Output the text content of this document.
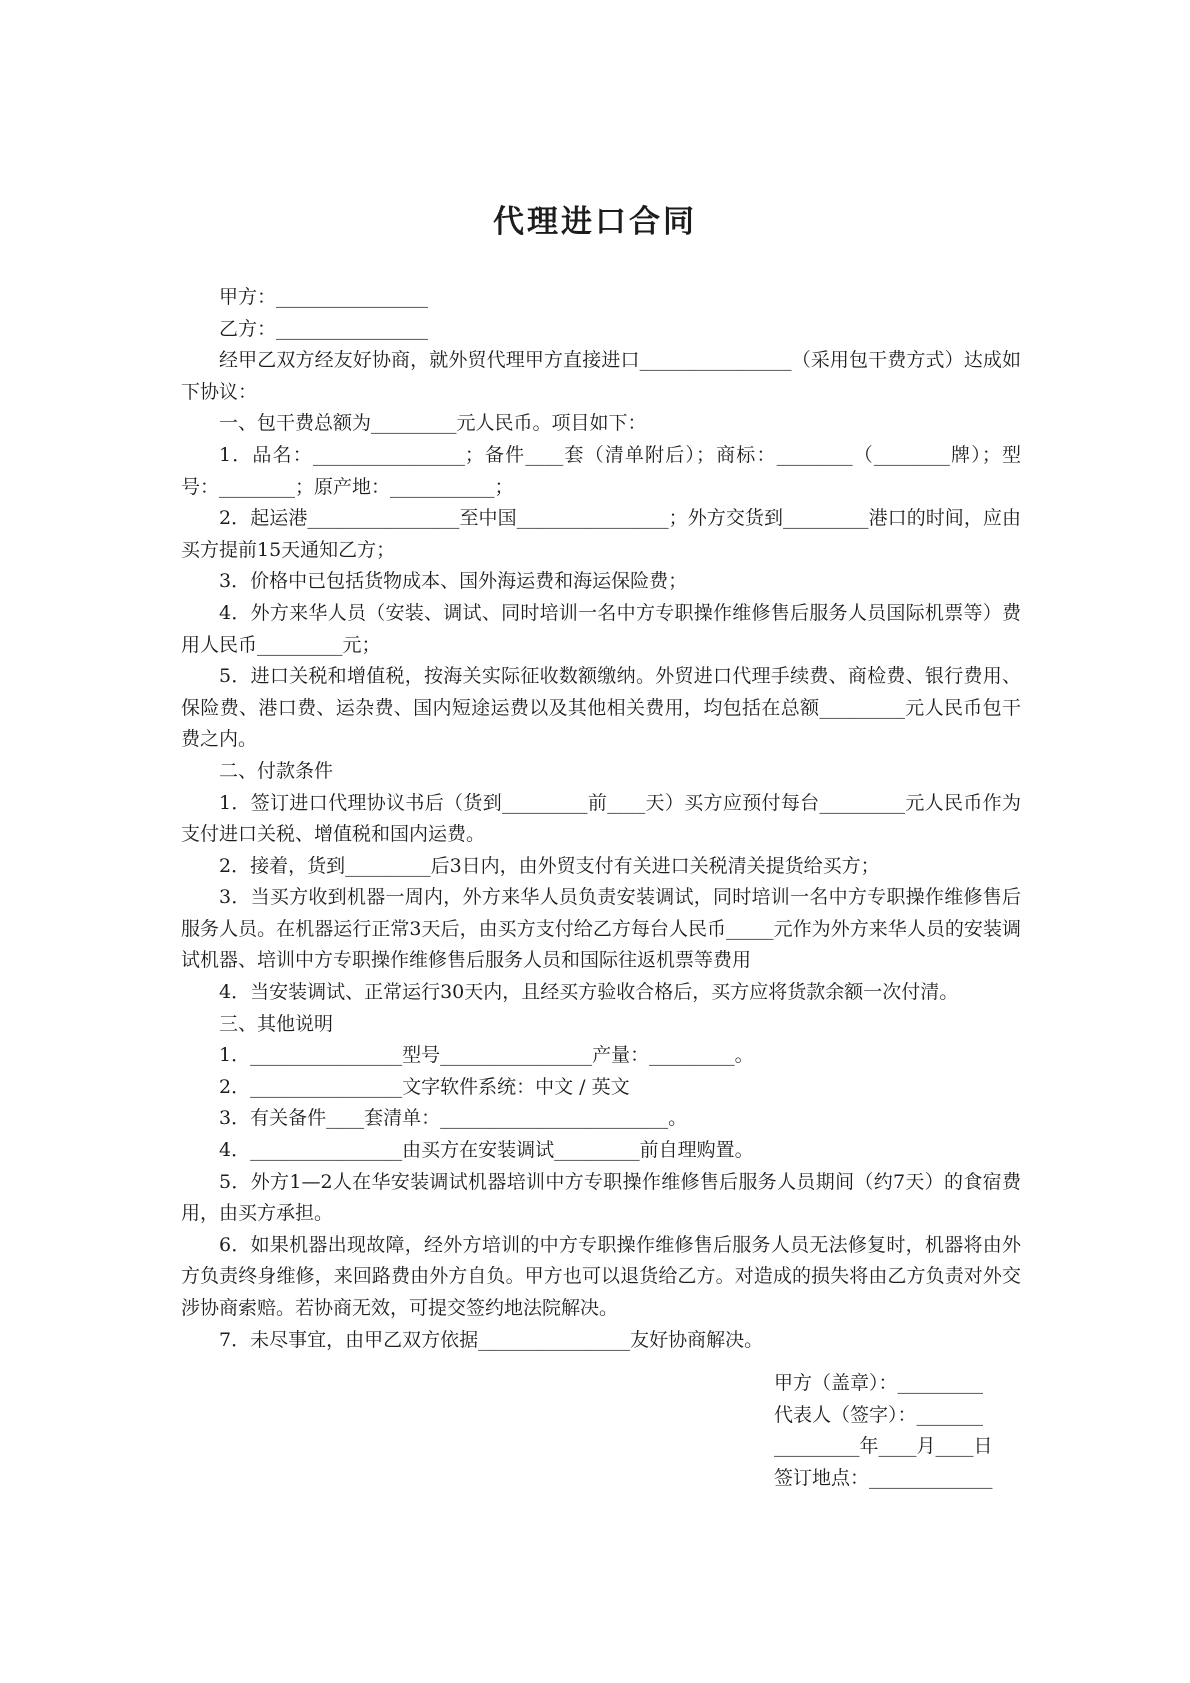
代理进口合同

甲方：________________

乙方：________________

经甲乙双方经友好协商，就外贸代理甲方直接进口________________（采用包干费方式）达成如下协议：

一、包干费总额为_________元人民币。项目如下：

1．品名：________________；备件____套（清单附后）；商标：________（________牌）；型号：________；原产地：___________；

2．起运港________________至中国________________；外方交货到_________港口的时间，应由买方提前15天通知乙方；

3．价格中已包括货物成本、国外海运费和海运保险费；

4．外方来华人员（安装、调试、同时培训一名中方专职操作维修售后服务人员国际机票等）费用人民币_________元；

5．进口关税和增值税，按海关实际征收数额缴纳。外贸进口代理手续费、商检费、银行费用、保险费、港口费、运杂费、国内短途运费以及其他相关费用，均包括在总额_________元人民币包干费之内。

二、付款条件

1．签订进口代理协议书后（货到_________前____天）买方应预付每台_________元人民币作为支付进口关税、增值税和国内运费。

2．接着，货到_________后3日内，由外贸支付有关进口关税清关提货给买方；

3．当买方收到机器一周内，外方来华人员负责安装调试，同时培训一名中方专职操作维修售后服务人员。在机器运行正常3天后，由买方支付给乙方每台人民币_____元作为外方来华人员的安装调试机器、培训中方专职操作维修售后服务人员和国际往返机票等费用

4．当安装调试、正常运行30天内，且经买方验收合格后，买方应将货款余额一次付清。

三、其他说明

1．________________型号________________产量：_________。

2．________________文字软件系统：中文 / 英文

3．有关备件____套清单：________________________。

4．________________由买方在安装调试_________前自理购置。

5．外方1—2人在华安装调试机器培训中方专职操作维修售后服务人员期间（约7天）的食宿费用，由买方承担。

6．如果机器出现故障，经外方培训的中方专职操作维修售后服务人员无法修复时，机器将由外方负责终身维修，来回路费由外方自负。甲方也可以退货给乙方。对造成的损失将由乙方负责对外交涉协商索赔。若协商无效，可提交签约地法院解决。

7．未尽事宜，由甲乙双方依据________________友好协商解决。

甲方（盖章）：_________

代表人（签字）：_______

_________年____月____日

签订地点：_____________
